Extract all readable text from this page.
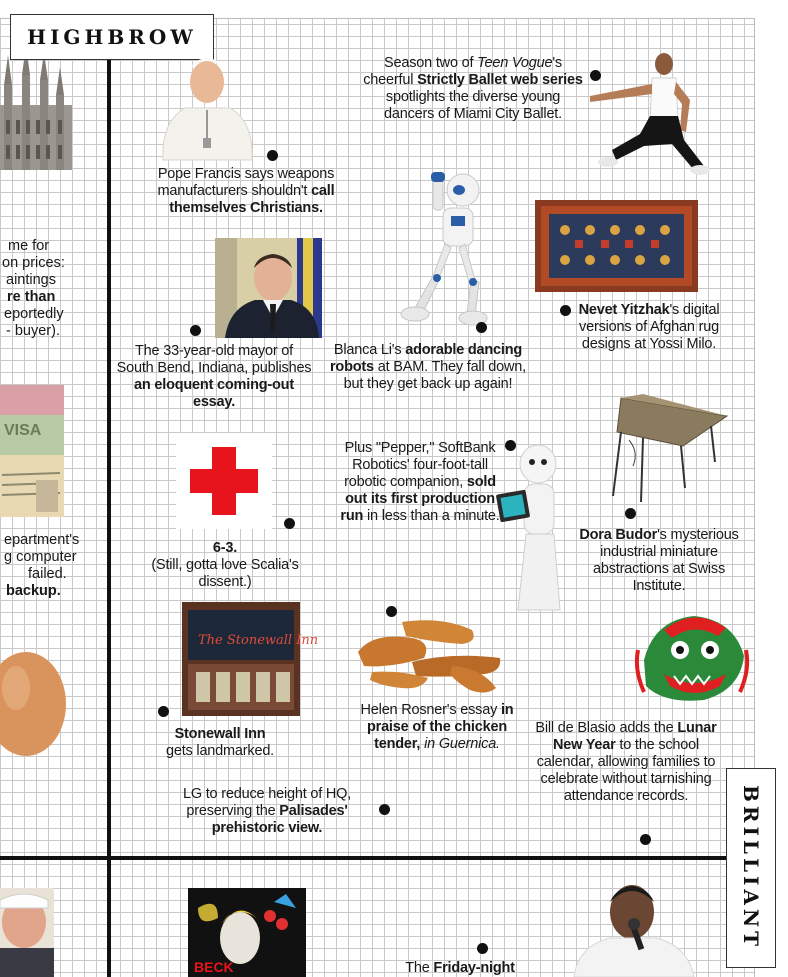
me for
on prices:
aintings
re than
eportedly
- buyer).
VISA
epartment's
g computer
failed.
backup.
HIGHBROW
BRILLIANT
Pope Francis says weapons manufacturers shouldn't call themselves Christians.
Season two of Teen Vogue's cheerful Strictly Ballet web series spotlights the diverse young dancers of Miami City Ballet.
The 33-year-old mayor of South Bend, Indiana, publishes an eloquent coming-out essay.
Blanca Li's adorable dancing robots at BAM. They fall down, but they get back up again!
Nevet Yitzhak's digital versions of Afghan rug designs at Yossi Milo.
6-3.
(Still, gotta love Scalia's dissent.)
Plus "Pepper," SoftBank Robotics' four-foot-tall robotic companion, sold out its first production run in less than a minute.
Dora Budor's mysterious industrial miniature abstractions at Swiss Institute.
The Stonewall Inn
Stonewall Inn
gets landmarked.
Helen Rosner's essay in praise of the chicken tender, in Guernica.
Bill de Blasio adds the Lunar New Year to the school calendar, allowing families to celebrate without tarnishing attendance records.
LG to reduce height of HQ, preserving the Palisades'
prehistoric view.
BECK	The Friday-night
